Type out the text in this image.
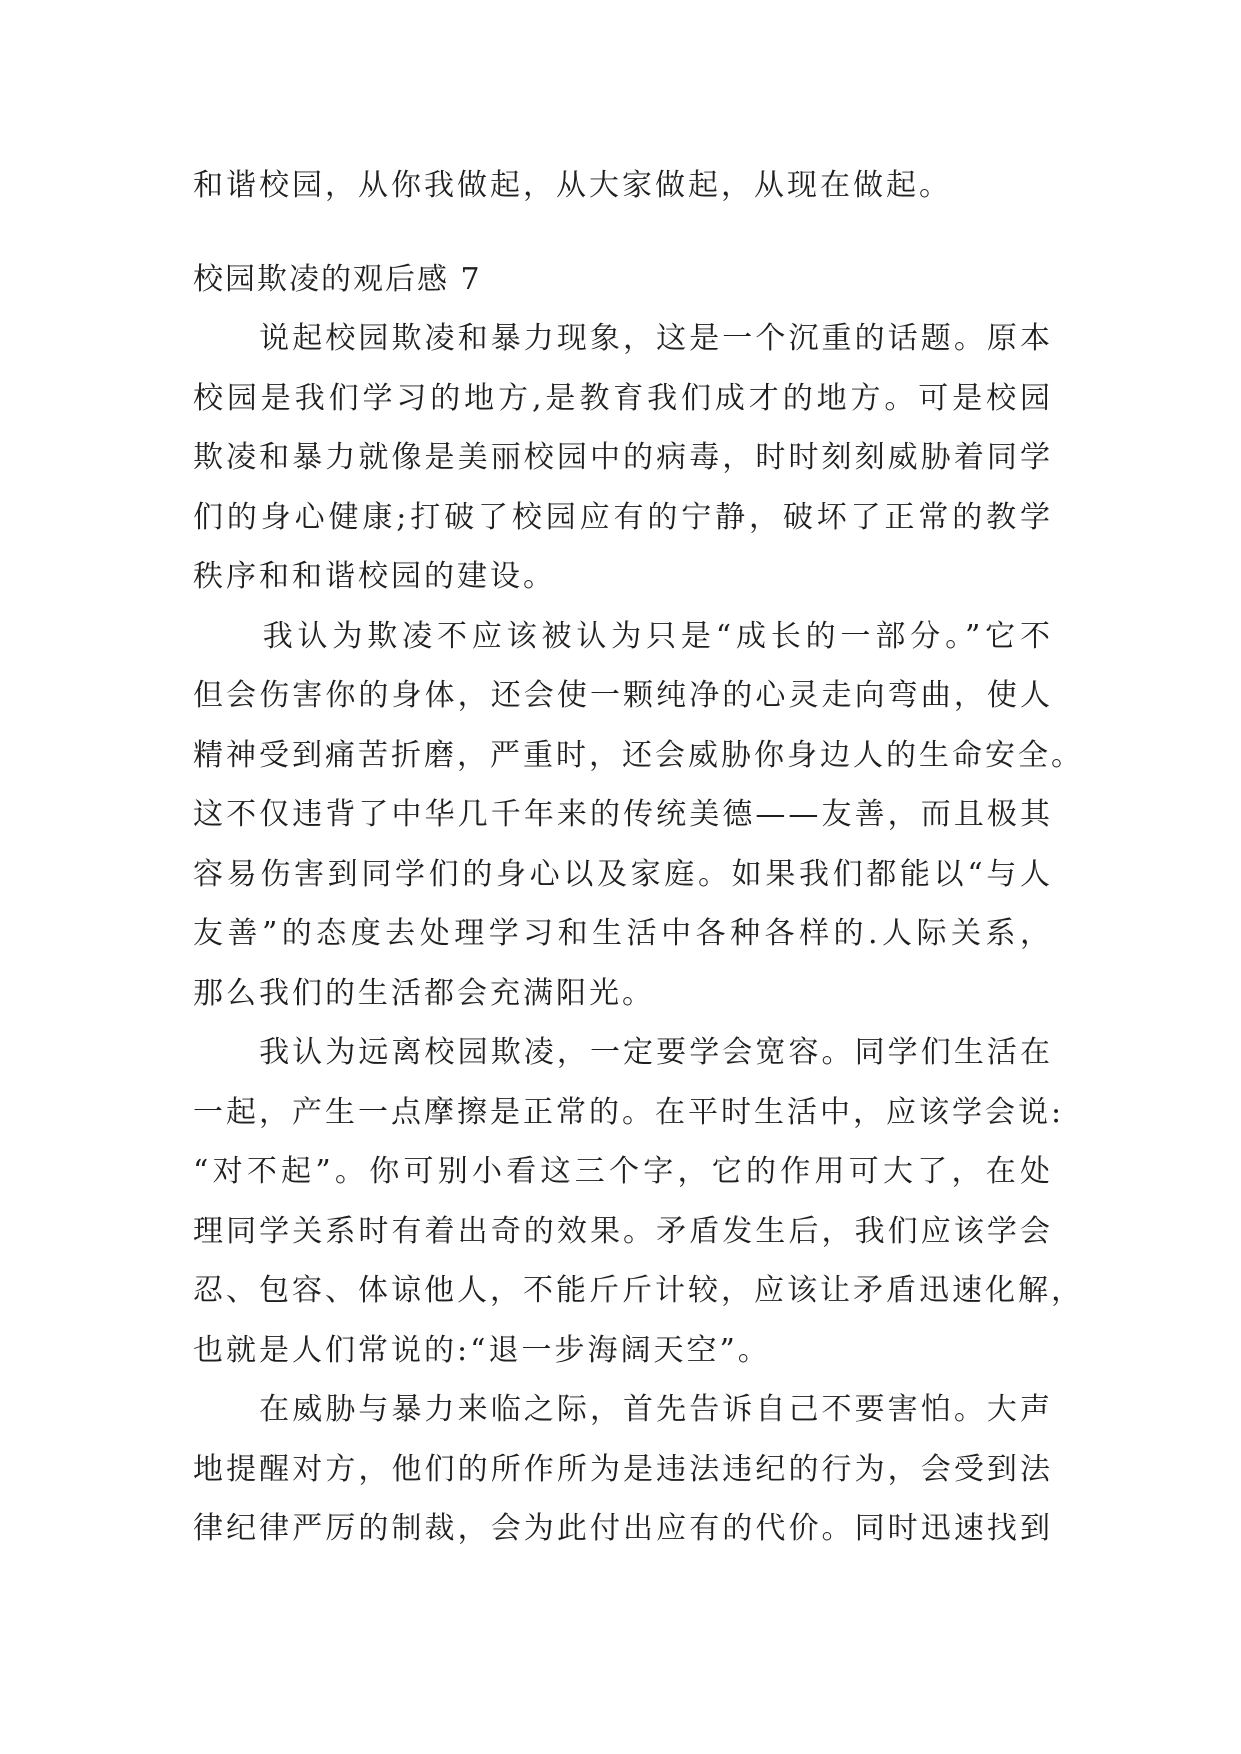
和谐校园，从你我做起，从大家做起，从现在做起。
校园欺凌的观后感 7
　　说起校园欺凌和暴力现象，这是一个沉重的话题。原本
校园是我们学习的地方,是教育我们成才的地方。可是校园
欺凌和暴力就像是美丽校园中的病毒，时时刻刻威胁着同学
们的身心健康;打破了校园应有的宁静，破坏了正常的教学
秩序和和谐校园的建设。
　　我认为欺凌不应该被认为只是“成长的一部分。”它不
但会伤害你的身体，还会使一颗纯净的心灵走向弯曲，使人
精神受到痛苦折磨，严重时，还会威胁你身边人的生命安全。
这不仅违背了中华几千年来的传统美德——友善，而且极其
容易伤害到同学们的身心以及家庭。如果我们都能以“与人
友善”的态度去处理学习和生活中各种各样的.人际关系，
那么我们的生活都会充满阳光。
　　我认为远离校园欺凌，一定要学会宽容。同学们生活在
一起，产生一点摩擦是正常的。在平时生活中，应该学会说:
“对不起”。你可别小看这三个字，它的作用可大了，在处
理同学关系时有着出奇的效果。矛盾发生后，我们应该学会
忍、包容、体谅他人，不能斤斤计较，应该让矛盾迅速化解，
也就是人们常说的:“退一步海阔天空”。
　　在威胁与暴力来临之际，首先告诉自己不要害怕。大声
地提醒对方，他们的所作所为是违法违纪的行为，会受到法
律纪律严厉的制裁，会为此付出应有的代价。同时迅速找到
